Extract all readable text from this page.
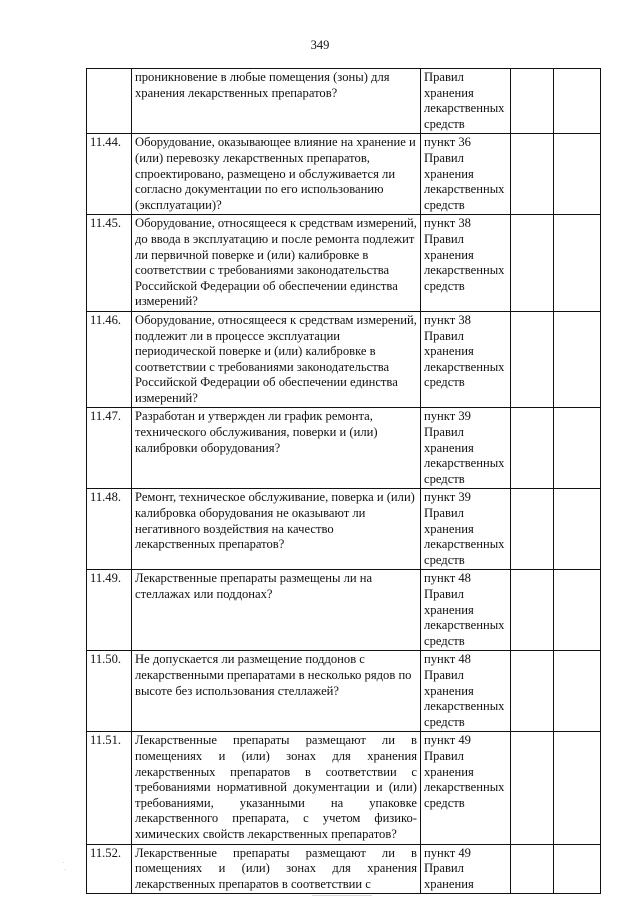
349
	проникновение в любые помещения (зоны) для хранения лекарственных препаратов?	Правил хранения лекарственных средств		
11.44.	Оборудование, оказывающее влияние на хранение и (или) перевозку лекарственных препаратов, спроектировано, размещено и обслуживается ли согласно документации по его использованию (эксплуатации)?	пункт 36 Правил хранения лекарственных средств		
11.45.	Оборудование, относящееся к средствам измерений, до ввода в эксплуатацию и после ремонта подлежит ли первичной поверке и (или) калибровке в соответствии с требованиями законодательства Российской Федерации об обеспечении единства измерений?	пункт 38 Правил хранения лекарственных средств		
11.46.	Оборудование, относящееся к средствам измерений, подлежит ли в процессе эксплуатации периодической поверке и (или) калибровке в соответствии с требованиями законодательства Российской Федерации об обеспечении единства измерений?	пункт 38 Правил хранения лекарственных средств		
11.47.	Разработан и утвержден ли график ремонта, технического обслуживания, поверки и (или) калибровки оборудования?	пункт 39 Правил хранения лекарственных средств		
11.48.	Ремонт, техническое обслуживание, поверка и (или) калибровка оборудования не оказывают ли негативного воздействия на качество лекарственных препаратов?	пункт 39 Правил хранения лекарственных средств		
11.49.	Лекарственные препараты размещены ли на стеллажах или поддонах?	пункт 48 Правил хранения лекарственных средств		
11.50.	Не допускается ли размещение поддонов с лекарственными препаратами в несколько рядов по высоте без использования стеллажей?	пункт 48 Правил хранения лекарственных средств		
11.51.	Лекарственные препараты размещают ли в помещениях и (или) зонах для хранения лекарственных препаратов в соответствии с требованиями нормативной документации и (или) требованиями, указанными на упаковке лекарственного препарата, с учетом физико-химических свойств лекарственных препаратов?	пункт 49 Правил хранения лекарственных средств		
11.52.	Лекарственные препараты размещают ли в помещениях и (или) зонах для хранения лекарственных препаратов в соответствии с	пункт 49 Правил хранения		
·
·
